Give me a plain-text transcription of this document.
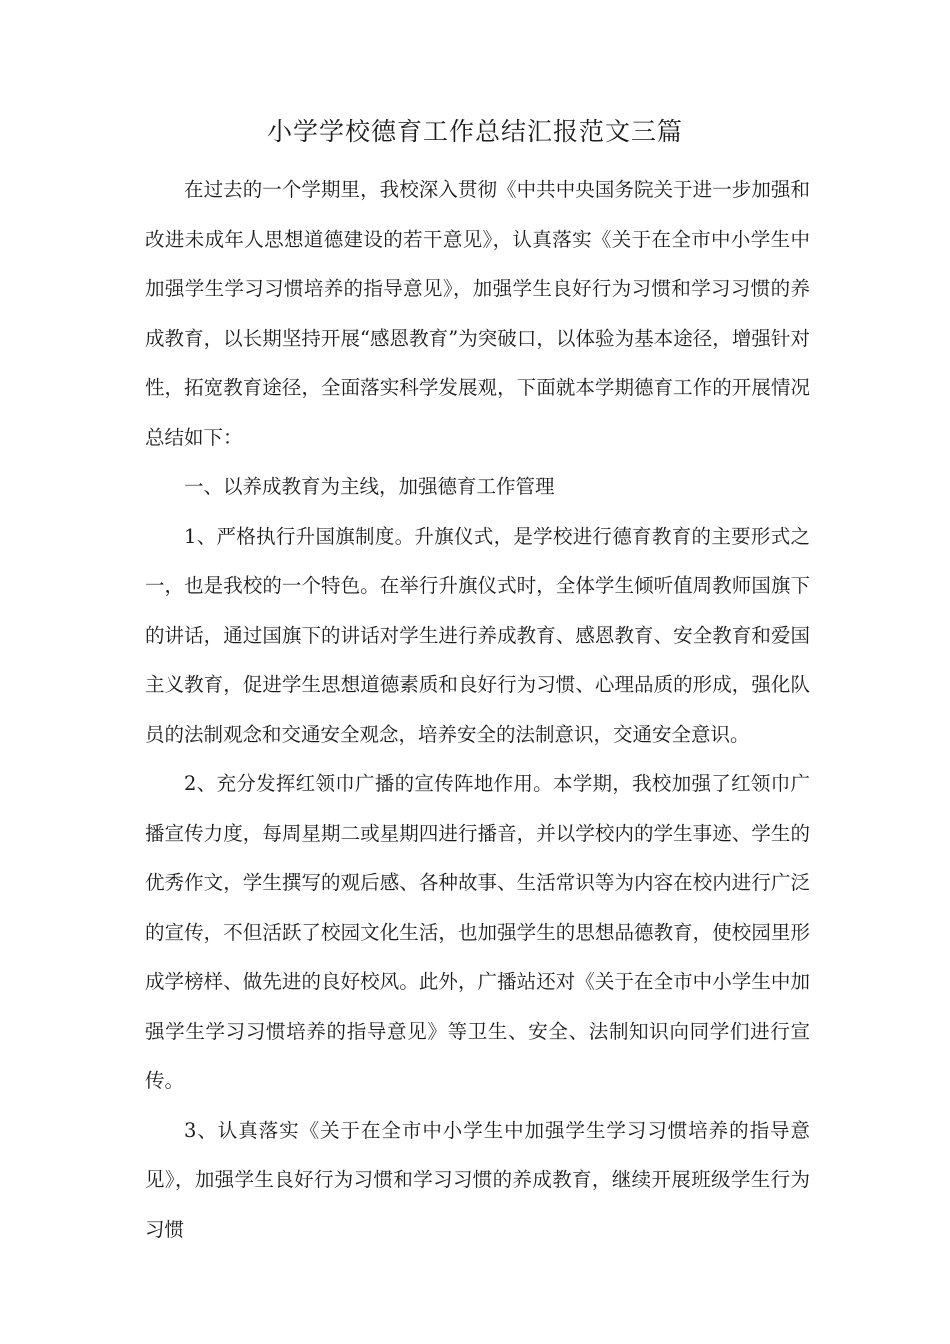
小学学校德育工作总结汇报范文三篇

在过去的一个学期里，我校深入贯彻《中共中央国务院关于进一步加强和改进未成年人思想道德建设的若干意见》，认真落实《关于在全市中小学生中加强学生学习习惯培养的指导意见》，加强学生良好行为习惯和学习习惯的养成教育，以长期坚持开展“感恩教育”为突破口，以体验为基本途径，增强针对性，拓宽教育途径，全面落实科学发展观，下面就本学期德育工作的开展情况总结如下：

一、以养成教育为主线，加强德育工作管理

1、严格执行升国旗制度。升旗仪式，是学校进行德育教育的主要形式之一，也是我校的一个特色。在举行升旗仪式时，全体学生倾听值周教师国旗下的讲话，通过国旗下的讲话对学生进行养成教育、感恩教育、安全教育和爱国主义教育，促进学生思想道德素质和良好行为习惯、心理品质的形成，强化队员的法制观念和交通安全观念，培养安全的法制意识，交通安全意识。

2、充分发挥红领巾广播的宣传阵地作用。本学期，我校加强了红领巾广播宣传力度，每周星期二或星期四进行播音，并以学校内的学生事迹、学生的优秀作文，学生撰写的观后感、各种故事、生活常识等为内容在校内进行广泛的宣传，不但活跃了校园文化生活，也加强学生的思想品德教育，使校园里形成学榜样、做先进的良好校风。此外，广播站还对《关于在全市中小学生中加强学生学习习惯培养的指导意见》等卫生、安全、法制知识向同学们进行宣传。

3、认真落实《关于在全市中小学生中加强学生学习习惯培养的指导意见》，加强学生良好行为习惯和学习习惯的养成教育，继续开展班级学生行为习惯
